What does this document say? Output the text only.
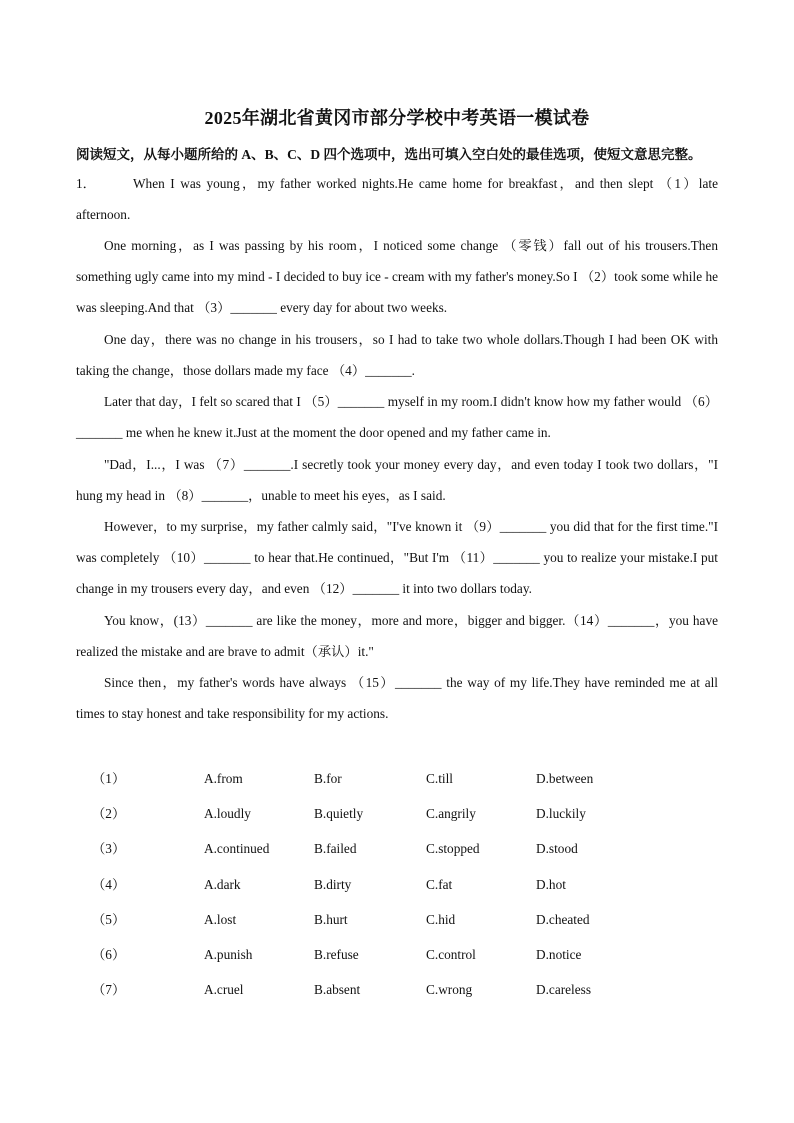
2025年湖北省黄冈市部分学校中考英语一模试卷
阅读短文，从每小题所给的 A、B、C、D 四个选项中，选出可填入空白处的最佳选项，使短文意思完整。
1．	When I was young，my father worked nights.He came home for breakfast，and then slept （1）late afternoon.
One morning，as I was passing by his room，I noticed some change （零钱）fall out of his trousers.Then something ugly came into my mind ‐ I decided to buy ice ‐ cream with my father's money.So I （2）took some while he was sleeping.And that （3）_______ every day for about two weeks.
One day，there was no change in his trousers，so I had to take two whole dollars.Though I had been OK with taking the change，those dollars made my face （4）_______.
Later that day，I felt so scared that I （5）_______ myself in my room.I didn't know how my father would （6）_______ me when he knew it.Just at the moment the door opened and my father came in.
"Dad，I...，I was （7）_______.I secretly took your money every day，and even today I took two dollars，"I hung my head in （8）_______，unable to meet his eyes，as I said.
However，to my surprise，my father calmly said，"I've known it （9）_______ you did that for the first time."I was completely （10）_______ to hear that.He continued，"But I'm （11）_______ you to realize your mistake.I put change in my trousers every day，and even （12）_______ it into two dollars today.
You know，(13）_______ are like the money，more and more，bigger and bigger.（14）_______，you have realized the mistake and are brave to admit（承认）it."
Since then，my father's words have always （15）_______ the way of my life.They have reminded me at all times to stay honest and take responsibility for my actions.
（1）	A.from	B.for	C.till	D.between
（2）	A.loudly	B.quietly	C.angrily	D.luckily
（3）	A.continued	B.failed	C.stopped	D.stood
（4）	A.dark	B.dirty	C.fat	D.hot
（5）	A.lost	B.hurt	C.hid	D.cheated
（6）	A.punish	B.refuse	C.control	D.notice
（7）	A.cruel	B.absent	C.wrong	D.careless
